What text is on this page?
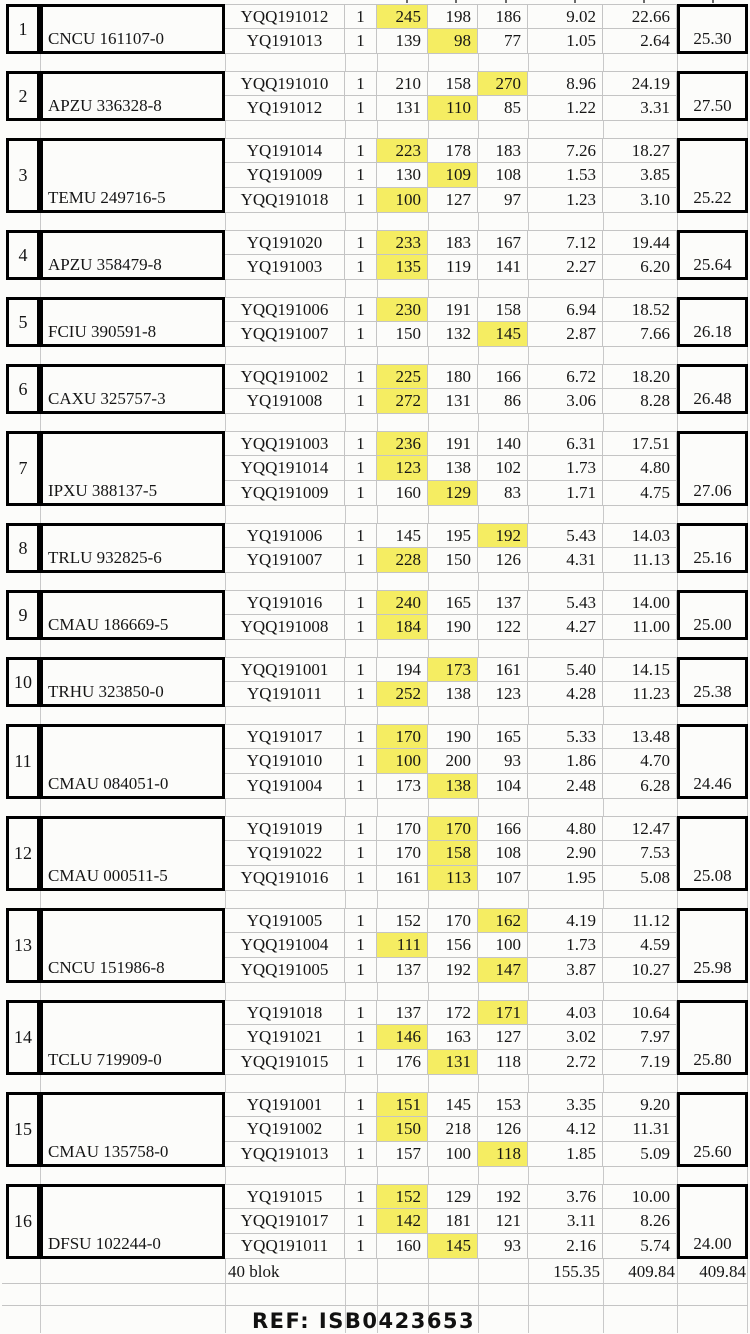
1 CNCU 161107-0
YQQ191012	1	245	198	186	9.02	22.66
YQ191013	1	139	98	77	1.05	2.64	25.30
2 APZU 336328-8
YQQ191010	1	210	158	270	8.96	24.19
YQ191012	1	131	110	85	1.22	3.31	27.50
3
TEMU 249716-5
YQ191014	1	223	178	183	7.26	18.27
YQ191009	1	130	109	108	1.53	3.85
YQQ191018	1	100	127	97	1.23	3.10	25.22
4 APZU 358479-8
YQ191020	1	233	183	167	7.12	19.44
YQ191003	1	135	119	141	2.27	6.20	25.64
5 FCIU 390591-8
YQQ191006	1	230	191	158	6.94	18.52
YQQ191007	1	150	132	145	2.87	7.66	26.18
6 CAXU 325757-3
YQQ191002	1	225	180	166	6.72	18.20
YQ191008	1	272	131	86	3.06	8.28	26.48
7
IPXU 388137-5
YQQ191003	1	236	191	140	6.31	17.51
YQQ191014	1	123	138	102	1.73	4.80
YQQ191009	1	160	129	83	1.71	4.75	27.06
8 TRLU 932825-6
YQ191006	1	145	195	192	5.43	14.03
YQ191007	1	228	150	126	4.31	11.13	25.16
9 CMAU 186669-5
YQ191016	1	240	165	137	5.43	14.00
YQQ191008	1	184	190	122	4.27	11.00	25.00
10 TRHU 323850-0
YQQ191001	1	194	173	161	5.40	14.15
YQ191011	1	252	138	123	4.28	11.23	25.38
11
CMAU 084051-0
YQ191017	1	170	190	165	5.33	13.48
YQ191010	1	100	200	93	1.86	4.70
YQ191004	1	173	138	104	2.48	6.28	24.46
12
CMAU 000511-5
YQ191019	1	170	170	166	4.80	12.47
YQ191022	1	170	158	108	2.90	7.53
YQQ191016	1	161	113	107	1.95	5.08	25.08
13
CNCU 151986-8
YQ191005	1	152	170	162	4.19	11.12
YQQ191004	1	111	156	100	1.73	4.59
YQQ191005	1	137	192	147	3.87	10.27	25.98
14
TCLU 719909-0
YQ191018	1	137	172	171	4.03	10.64
YQ191021	1	146	163	127	3.02	7.97
YQQ191015	1	176	131	118	2.72	7.19	25.80
15
CMAU 135758-0
YQ191001	1	151	145	153	3.35	9.20
YQ191002	1	150	218	126	4.12	11.31
YQQ191013	1	157	100	118	1.85	5.09	25.60
16
DFSU 102244-0
YQ191015	1	152	129	192	3.76	10.00
YQQ191017	1	142	181	121	3.11	8.26
YQQ191011	1	160	145	93	2.16	5.74	24.00
40 blok	155.35	409.84	409.84
REF: ISB0423653
